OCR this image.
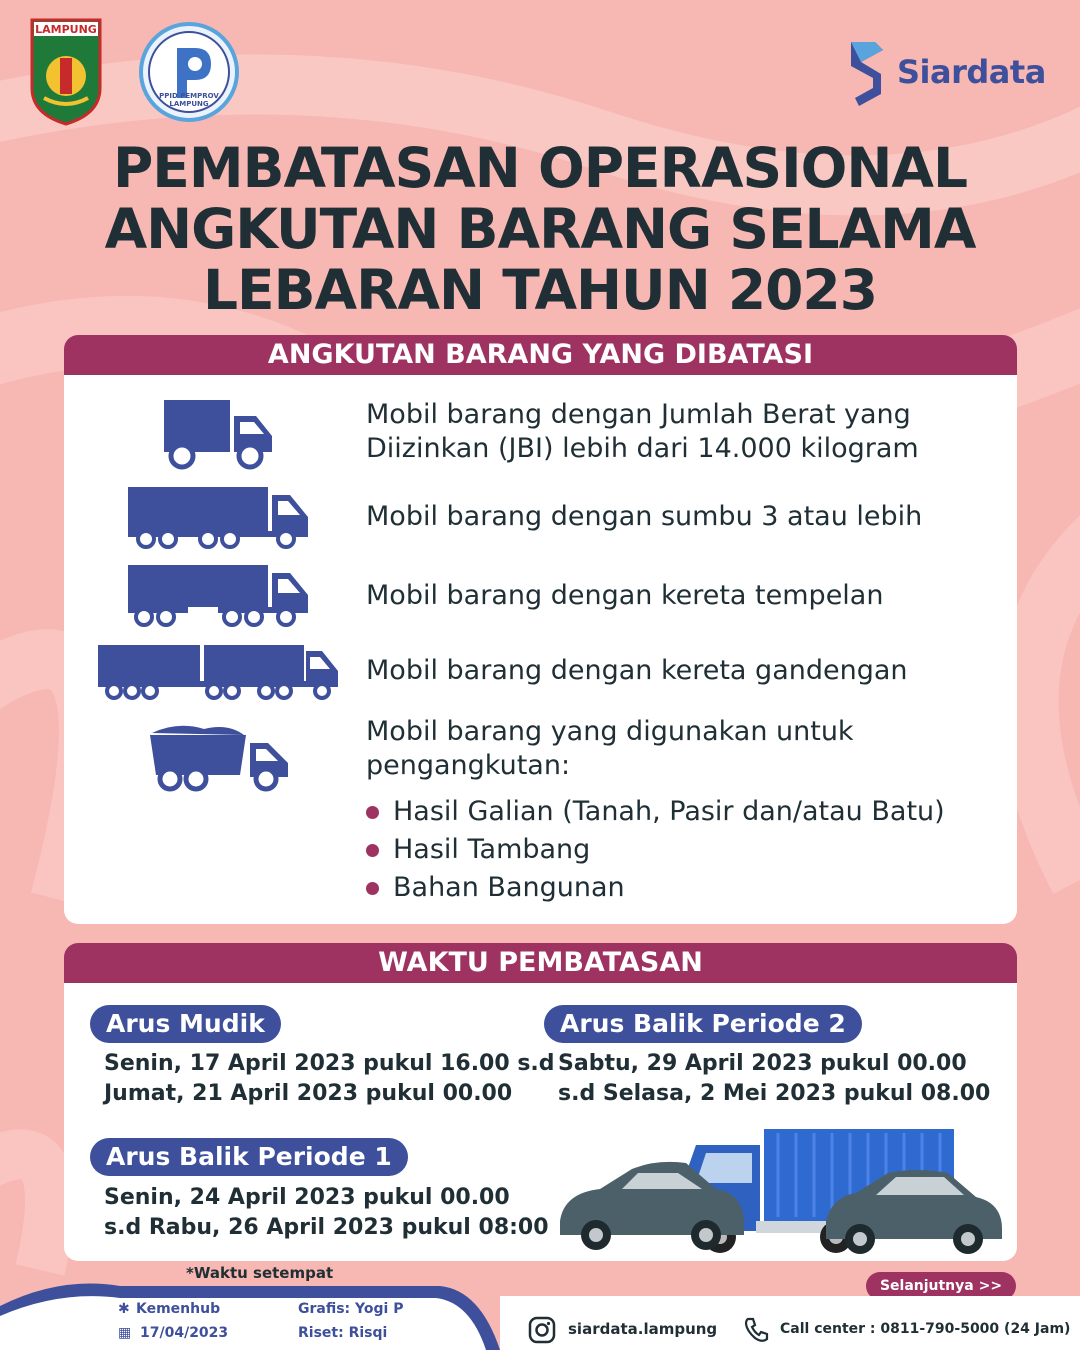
LAMPUNG
PPID PEMPROV LAMPUNG
Siardata
PEMBATASAN OPERASIONAL
ANGKUTAN BARANG SELAMA
LEBARAN TAHUN 2023
ANGKUTAN BARANG YANG DIBATASI
Mobil barang dengan Jumlah Berat yang
Diizinkan (JBI) lebih dari 14.000 kilogram
Mobil barang dengan sumbu 3 atau lebih
Mobil barang dengan kereta tempelan
Mobil barang dengan kereta gandengan
Mobil barang yang digunakan untuk
pengangkutan:
Hasil Galian (Tanah, Pasir dan/atau Batu)
Hasil Tambang
Bahan Bangunan
WAKTU PEMBATASAN
Arus Mudik
Senin, 17 April 2023 pukul 16.00 s.d
Jumat, 21 April 2023 pukul 00.00
Arus Balik Periode 2
Sabtu, 29 April 2023 pukul 00.00
s.d Selasa, 2 Mei 2023 pukul 08.00
Arus Balik Periode 1
Senin, 24 April 2023 pukul 00.00
s.d Rabu, 26 April 2023 pukul 08:00
*Waktu setempat
Selanjutnya >>
✱ Kemenhub
▦ 17/04/2023
Grafis: Yogi P
Riset: Risqi	siardata.lampung	Call center : 0811-790-5000 (24 Jam)
